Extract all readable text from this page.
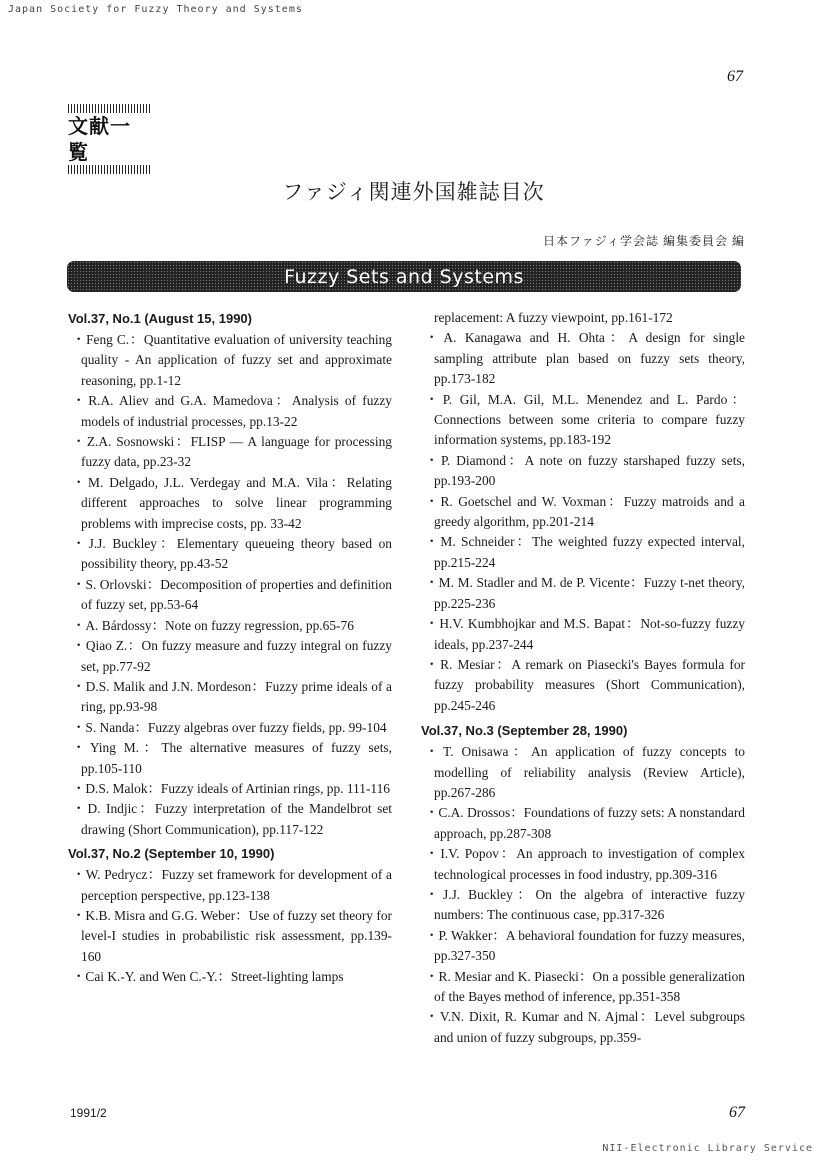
Japan Society for Fuzzy Theory and Systems
67
文献一覧
ファジィ関連外国雑誌目次
日本ファジィ学会誌 編集委員会 編
Fuzzy Sets and Systems

Vol.37, No.1 (August 15, 1990)

・Feng C.：Quantitative evaluation of university teaching quality - An application of fuzzy set and approximate reasoning, pp.1-12

・R.A. Aliev and G.A. Mamedova：Analysis of fuzzy models of industrial processes, pp.13-22

・Z.A. Sosnowski：FLISP — A language for processing fuzzy data, pp.23-32

・M. Delgado, J.L. Verdegay and M.A. Vila：Relating different approaches to solve linear programming problems with imprecise costs, pp. 33-42

・J.J. Buckley：Elementary queueing theory based on possibility theory, pp.43-52

・S. Orlovski：Decomposition of properties and definition of fuzzy set, pp.53-64

・A. Bárdossy：Note on fuzzy regression, pp.65-76

・Qiao Z.：On fuzzy measure and fuzzy integral on fuzzy set, pp.77-92

・D.S. Malik and J.N. Mordeson：Fuzzy prime ideals of a ring, pp.93-98

・S. Nanda：Fuzzy algebras over fuzzy fields, pp. 99-104

・Ying M.：The alternative measures of fuzzy sets, pp.105-110

・D.S. Malok：Fuzzy ideals of Artinian rings, pp. 111-116

・D. Indjic：Fuzzy interpretation of the Mandelbrot set drawing (Short Communication), pp.117-122

Vol.37, No.2 (September 10, 1990)

・W. Pedrycz：Fuzzy set framework for development of a perception perspective, pp.123-138

・K.B. Misra and G.G. Weber：Use of fuzzy set theory for level-I studies in probabilistic risk assessment, pp.139-160

・Cai K.-Y. and Wen C.-Y.：Street-lighting lamps

replacement: A fuzzy viewpoint, pp.161-172

・A. Kanagawa and H. Ohta：A design for single sampling attribute plan based on fuzzy sets theory, pp.173-182

・P. Gil, M.A. Gil, M.L. Menendez and L. Pardo：Connections between some criteria to compare fuzzy information systems, pp.183-192

・P. Diamond：A note on fuzzy starshaped fuzzy sets, pp.193-200

・R. Goetschel and W. Voxman：Fuzzy matroids and a greedy algorithm, pp.201-214

・M. Schneider：The weighted fuzzy expected interval, pp.215-224

・M. M. Stadler and M. de P. Vicente：Fuzzy t-net theory, pp.225-236

・H.V. Kumbhojkar and M.S. Bapat：Not-so-fuzzy fuzzy ideals, pp.237-244

・R. Mesiar：A remark on Piasecki's Bayes formula for fuzzy probability measures (Short Communication), pp.245-246

Vol.37, No.3 (September 28, 1990)

・T. Onisawa：An application of fuzzy concepts to modelling of reliability analysis (Review Article), pp.267-286

・C.A. Drossos：Foundations of fuzzy sets: A nonstandard approach, pp.287-308

・I.V. Popov：An approach to investigation of complex technological processes in food industry, pp.309-316

・J.J. Buckley：On the algebra of interactive fuzzy numbers: The continuous case, pp.317-326

・P. Wakker：A behavioral foundation for fuzzy measures, pp.327-350

・R. Mesiar and K. Piasecki：On a possible generalization of the Bayes method of inference, pp.351-358

・V.N. Dixit, R. Kumar and N. Ajmal：Level subgroups and union of fuzzy subgroups, pp.359-

1991/2	67
NII-Electronic Library Service
